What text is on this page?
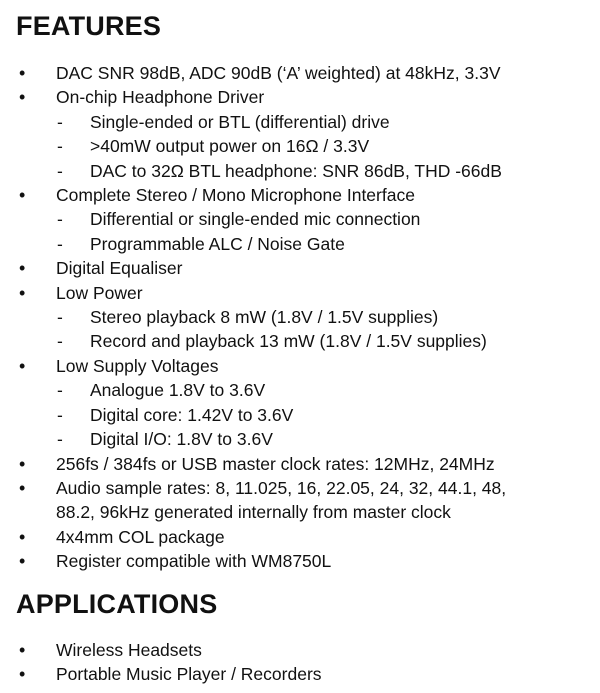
FEATURES
•	DAC SNR 98dB, ADC 90dB (‘A’ weighted) at 48kHz, 3.3V
•	On-chip Headphone Driver
-	Single-ended or BTL (differential) drive
-	>40mW output power on 16Ω / 3.3V
-	DAC to 32Ω BTL headphone: SNR 86dB, THD -66dB
•	Complete Stereo / Mono Microphone Interface
-	Differential or single-ended mic connection
-	Programmable ALC / Noise Gate
•	Digital Equaliser
•	Low Power
-	Stereo playback 8 mW (1.8V / 1.5V supplies)
-	Record and playback 13 mW (1.8V / 1.5V supplies)
•	Low Supply Voltages
-	Analogue 1.8V to 3.6V
-	Digital core: 1.42V to 3.6V
-	Digital I/O: 1.8V to 3.6V
•	256fs / 384fs or USB master clock rates: 12MHz, 24MHz
•	Audio sample rates: 8, 11.025, 16, 22.05, 24, 32, 44.1, 48,
88.2, 96kHz generated internally from master clock
•	4x4mm COL package
•	Register compatible with WM8750L
APPLICATIONS
•	Wireless Headsets
•	Portable Music Player / Recorders
